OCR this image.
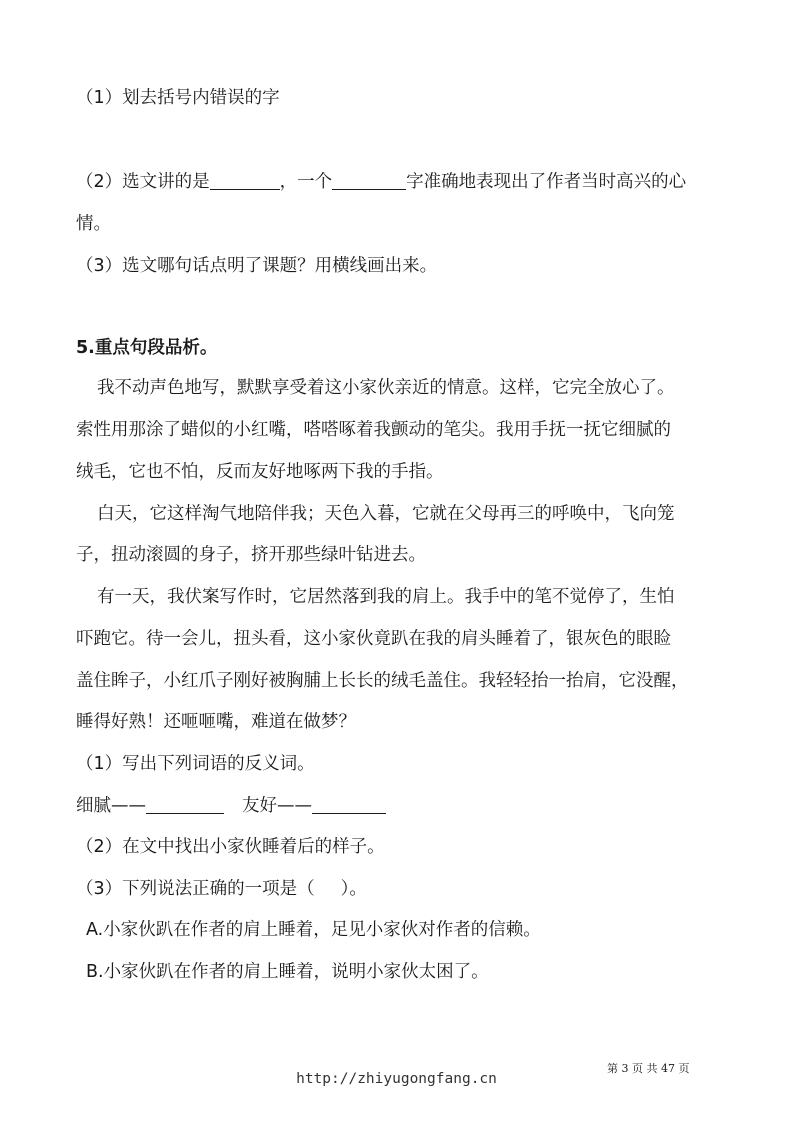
（1）划去括号内错误的字
（2）选文讲的是	，一个	字准确地表现出了作者当时高兴的心
情。
（3）选文哪句话点明了课题？用横线画出来。
5.重点句段品析。
我不动声色地写，默默享受着这小家伙亲近的情意。这样，它完全放心了。
索性用那涂了蜡似的小红嘴，嗒嗒啄着我颤动的笔尖。我用手抚一抚它细腻的
绒毛，它也不怕，反而友好地啄两下我的手指。
白天，它这样淘气地陪伴我；天色入暮，它就在父母再三的呼唤中，飞向笼
子，扭动滚圆的身子，挤开那些绿叶钻进去。
有一天，我伏案写作时，它居然落到我的肩上。我手中的笔不觉停了，生怕
吓跑它。待一会儿，扭头看，这小家伙竟趴在我的肩头睡着了，银灰色的眼睑
盖住眸子，小红爪子刚好被胸脯上长长的绒毛盖住。我轻轻抬一抬肩，它没醒，
睡得好熟！还咂咂嘴，难道在做梦？
（1）写出下列词语的反义词。
细腻——	友好——
（2）在文中找出小家伙睡着后的样子。
（3）下列说法正确的一项是（ ）。
A.小家伙趴在作者的肩上睡着，足见小家伙对作者的信赖。
B.小家伙趴在作者的肩上睡着，说明小家伙太困了。
第 3 页 共 47 页
http://zhiyugongfang.cn
